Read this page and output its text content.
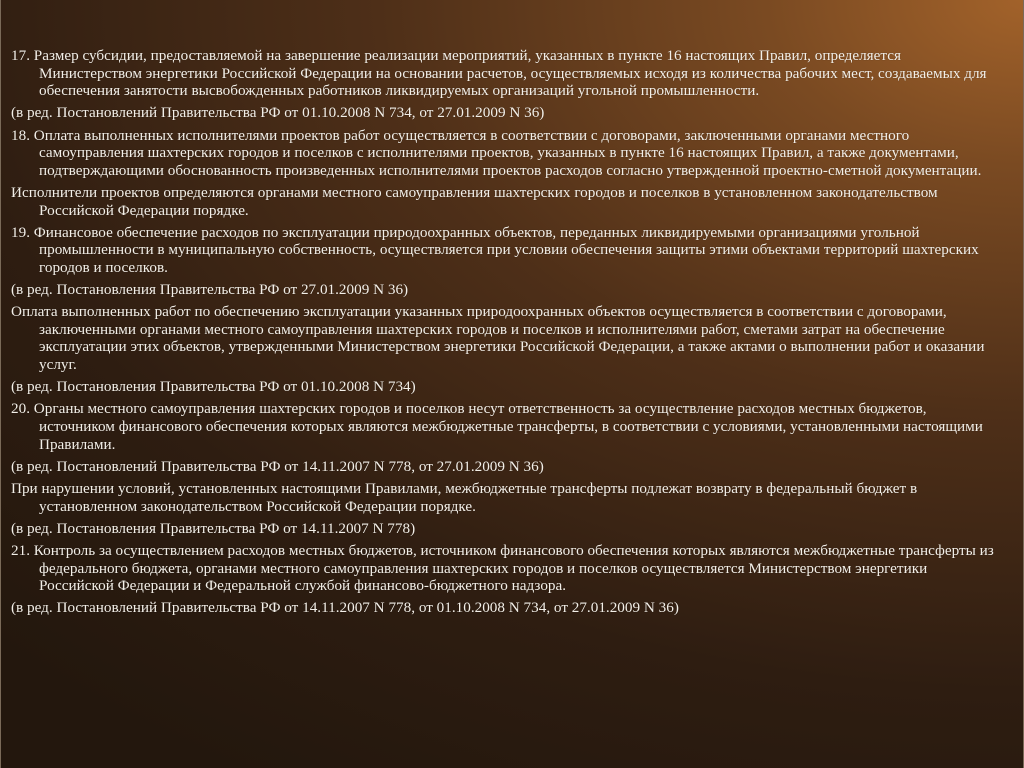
17. Размер субсидии, предоставляемой на завершение реализации мероприятий, указанных в пункте 16 настоящих Правил, определяется Министерством энергетики Российской Федерации на основании расчетов, осуществляемых исходя из количества рабочих мест, создаваемых для обеспечения занятости высвобожденных работников ликвидируемых организаций угольной промышленности.

(в ред. Постановлений Правительства РФ от 01.10.2008 N 734, от 27.01.2009 N 36)

18. Оплата выполненных исполнителями проектов работ осуществляется в соответствии с договорами, заключенными органами местного самоуправления шахтерских городов и поселков с исполнителями проектов, указанных в пункте 16 настоящих Правил, а также документами, подтверждающими обоснованность произведенных исполнителями проектов расходов согласно утвержденной проектно-сметной документации.

Исполнители проектов определяются органами местного самоуправления шахтерских городов и поселков в установленном законодательством Российской Федерации порядке.

19. Финансовое обеспечение расходов по эксплуатации природоохранных объектов, переданных ликвидируемыми организациями угольной промышленности в муниципальную собственность, осуществляется при условии обеспечения защиты этими объектами территорий шахтерских городов и поселков.

(в ред. Постановления Правительства РФ от 27.01.2009 N 36)

Оплата выполненных работ по обеспечению эксплуатации указанных природоохранных объектов осуществляется в соответствии с договорами, заключенными органами местного самоуправления шахтерских городов и поселков и исполнителями работ, сметами затрат на обеспечение эксплуатации этих объектов, утвержденными Министерством энергетики Российской Федерации, а также актами о выполнении работ и оказании услуг.

(в ред. Постановления Правительства РФ от 01.10.2008 N 734)

20. Органы местного самоуправления шахтерских городов и поселков несут ответственность за осуществление расходов местных бюджетов, источником финансового обеспечения которых являются межбюджетные трансферты, в соответствии с условиями, установленными настоящими Правилами.

(в ред. Постановлений Правительства РФ от 14.11.2007 N 778, от 27.01.2009 N 36)

При нарушении условий, установленных настоящими Правилами, межбюджетные трансферты подлежат возврату в федеральный бюджет в установленном законодательством Российской Федерации порядке.

(в ред. Постановления Правительства РФ от 14.11.2007 N 778)

21. Контроль за осуществлением расходов местных бюджетов, источником финансового обеспечения которых являются межбюджетные трансферты из федерального бюджета, органами местного самоуправления шахтерских городов и поселков осуществляется Министерством энергетики Российской Федерации и Федеральной службой финансово-бюджетного надзора.

(в ред. Постановлений Правительства РФ от 14.11.2007 N 778, от 01.10.2008 N 734, от 27.01.2009 N 36)
